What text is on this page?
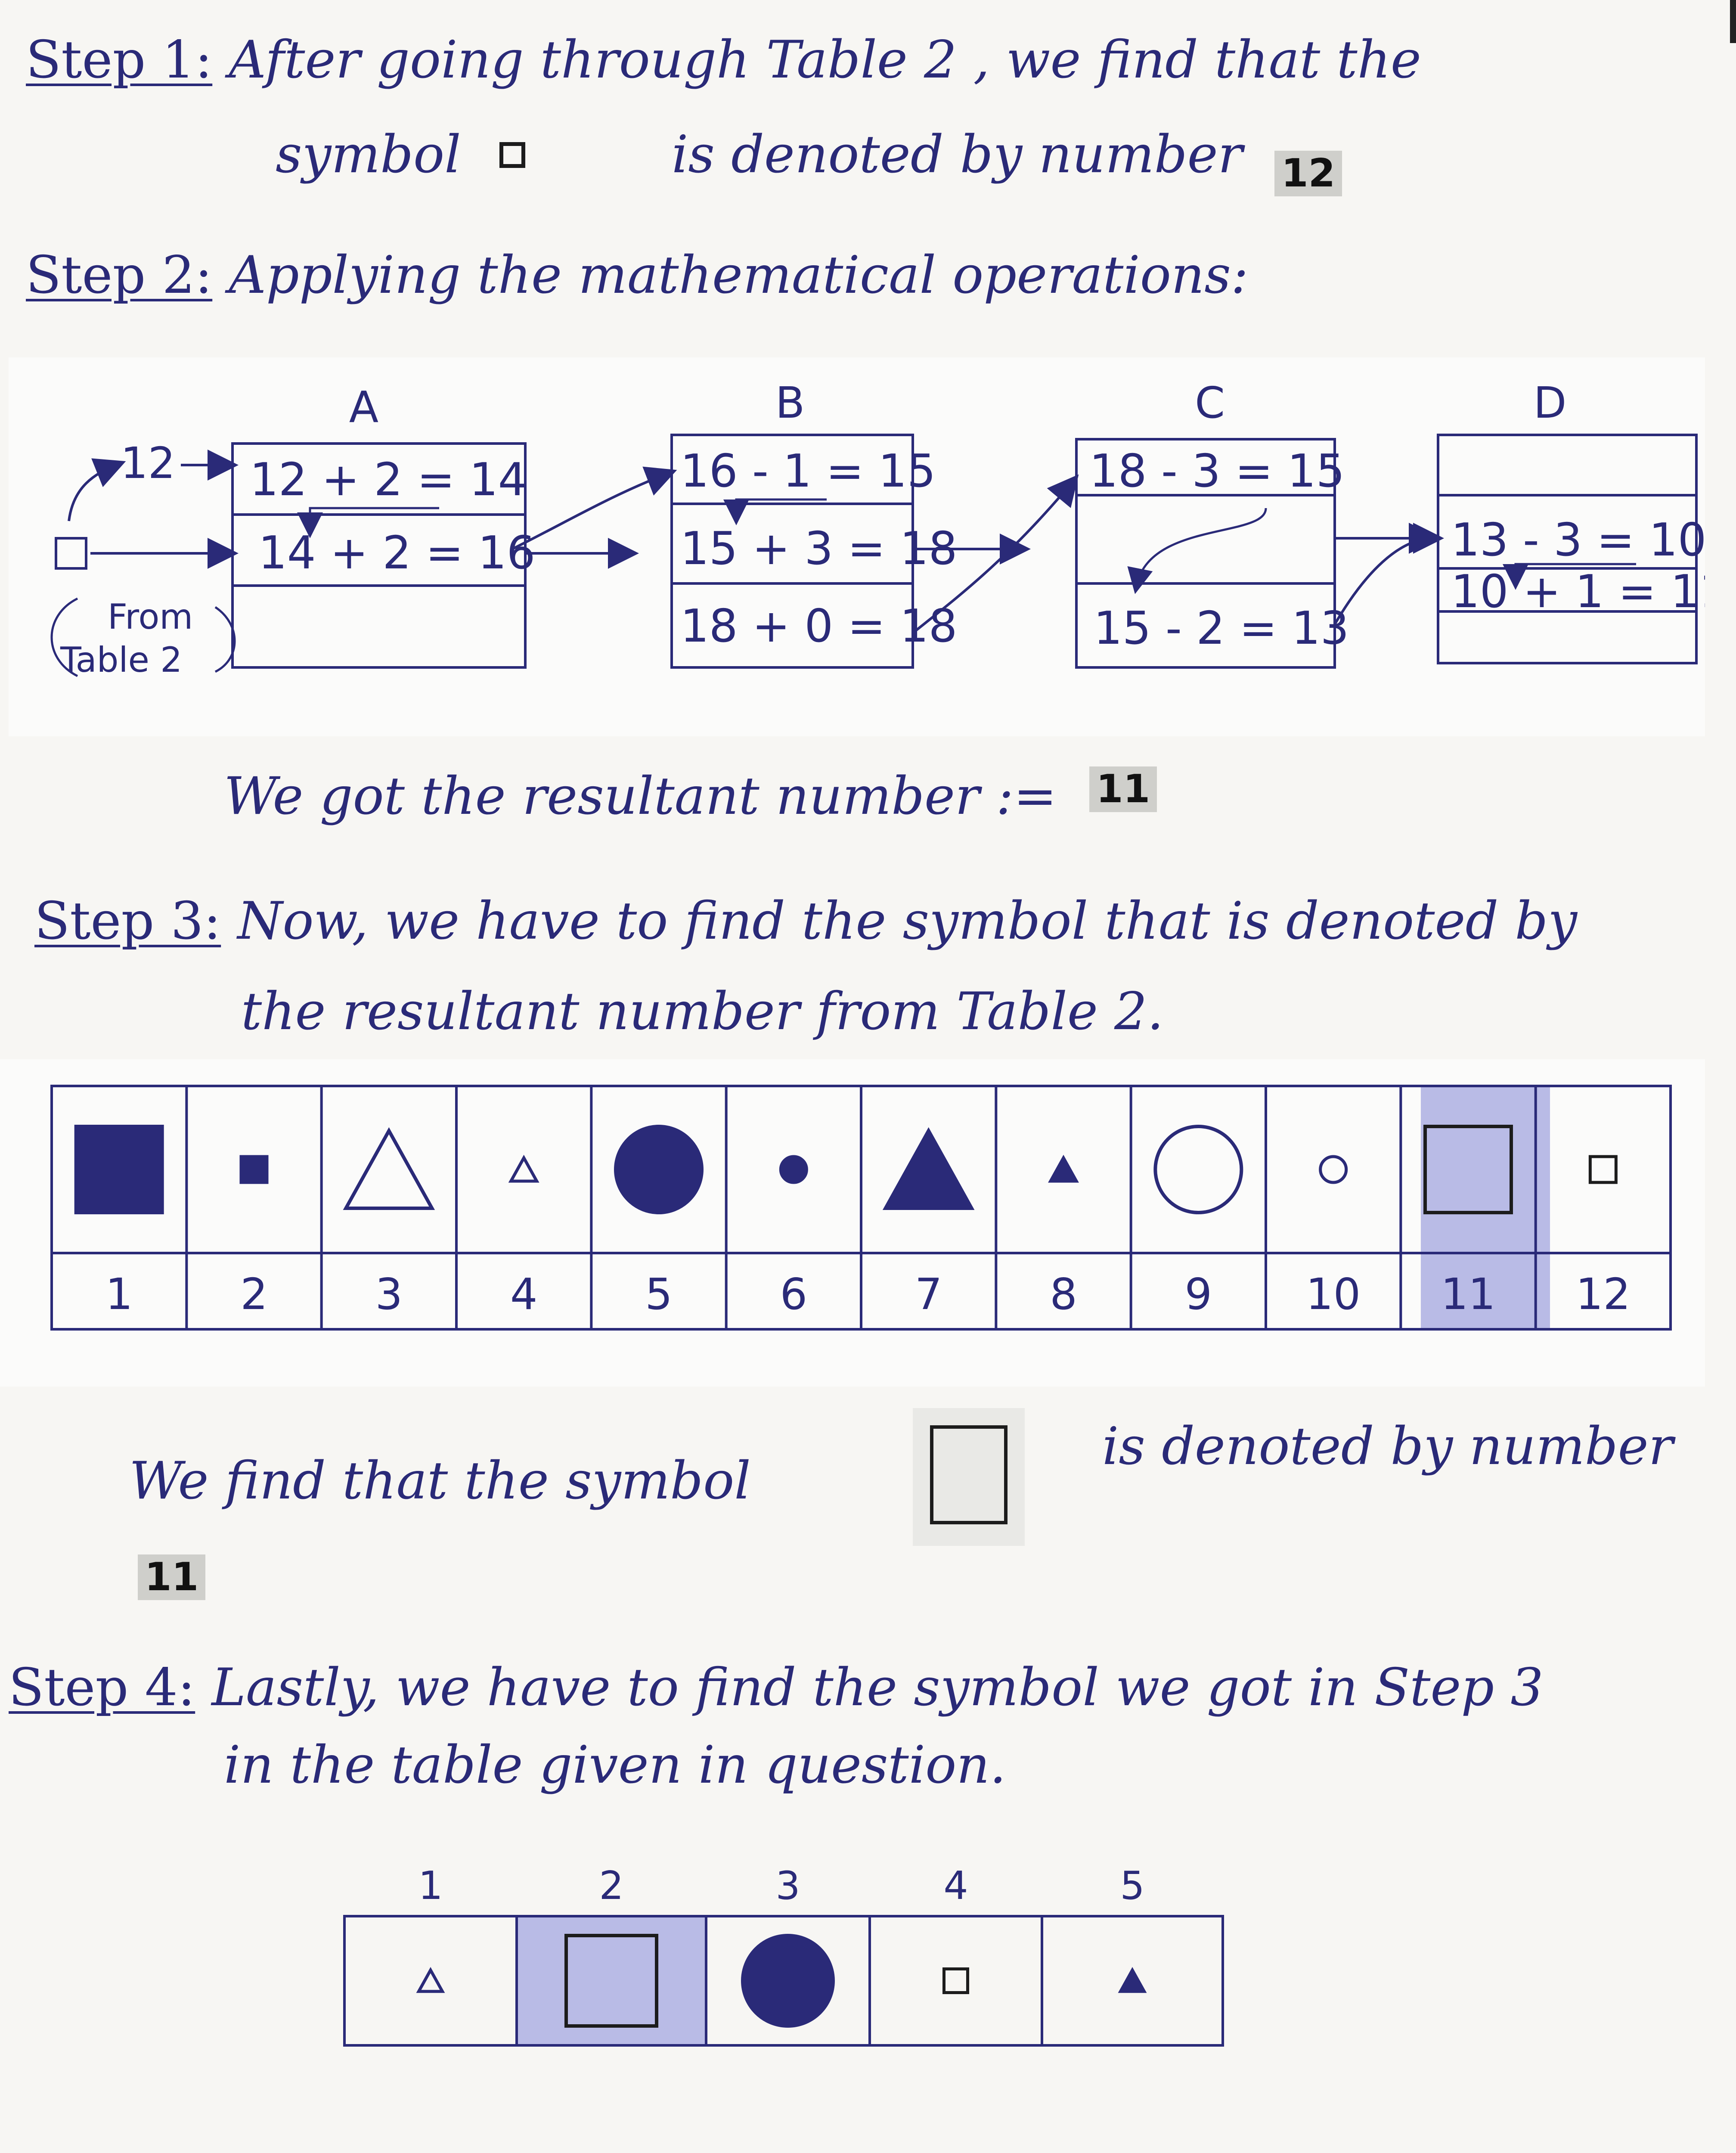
Step 1: After going through Table 2 , we find that the
symbol	is denoted by number 12
Step 2: Applying the mathematical operations:
A	B	C	D
12 + 2 = 14
14 + 2 = 16
16 - 1 = 15
15 + 3 = 18
18 + 0 = 18
18 - 3 = 15
15 - 2 = 13
13 - 3 = 10
10 + 1 = 11
12
From
Table 2
We got the resultant number := 11
Step 3: Now, we have to find the symbol that is denoted by
the resultant number from Table 2.
1 2 3 4 5 6 7 8 9 10 11 12
We find that the symbol
is denoted by number
11
Step 4: Lastly, we have to find the symbol we got in Step 3
in the table given in question.
1	2	3	4	5
